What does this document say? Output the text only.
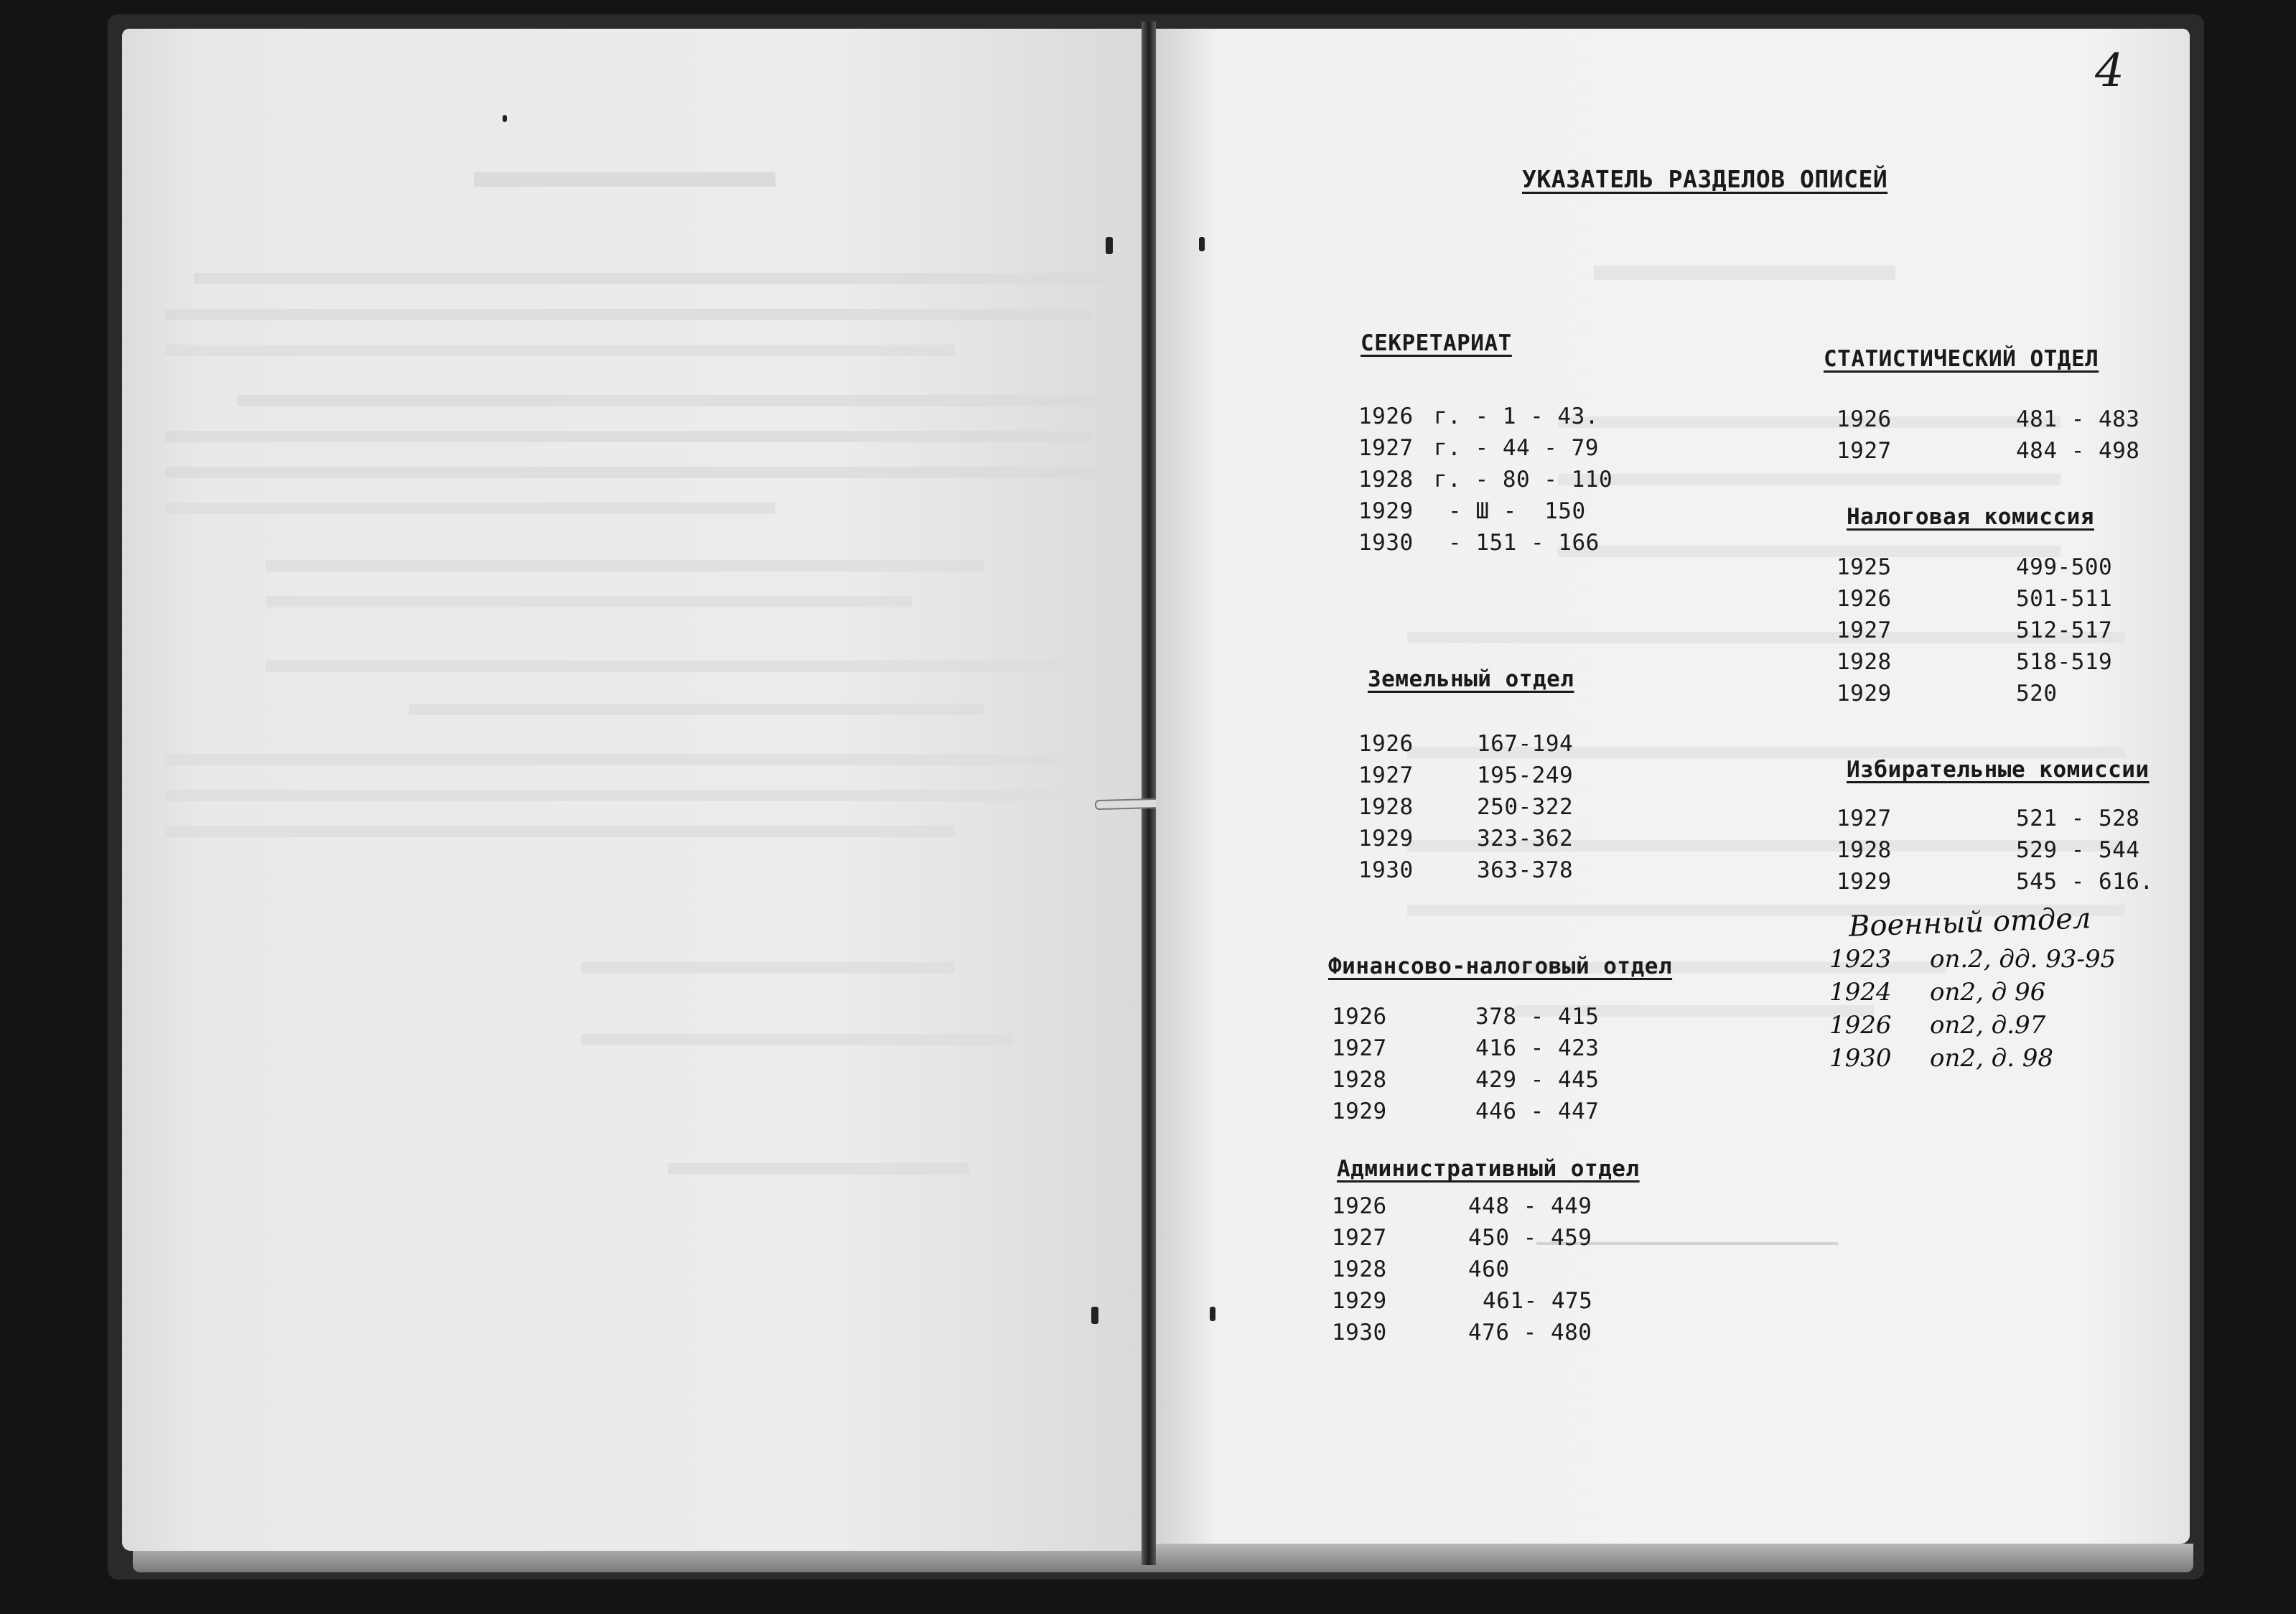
4
УКАЗАТЕЛЬ РАЗДЕЛОВ ОПИСЕЙ
СЕКРЕТАРИАТ
1926 г. - 1 - 43.
1927 г. - 44 - 79
1928 г. - 80 - 110
1929 - Ш -  150
1930 - 151 - 166
Земельный отдел
1926	167-194
1927	195-249
1928	250-322
1929	323-362
1930	363-378
Финансово-налоговый отдел
1926	378 - 415
1927	416 - 423
1928	429 - 445
1929	446 - 447
Административный отдел
1926	448 - 449
1927	450 - 459
1928	460
1929	461- 475
1930	476 - 480
СТАТИСТИЧЕСКИЙ ОТДЕЛ
1926	481 - 483
1927	484 - 498
Налоговая комиссия
1925	499-500
1926	501-511
1927	512-517
1928	518-519
1929	520
Избирательные комиссии
1927	521 - 528
1928	529 - 544
1929	545 - 616.
Военный отдел
1923 оп.2, дд. 93-95
1924 оп2, д 96
1926 оп2, д.97
1930 оп2, д. 98
